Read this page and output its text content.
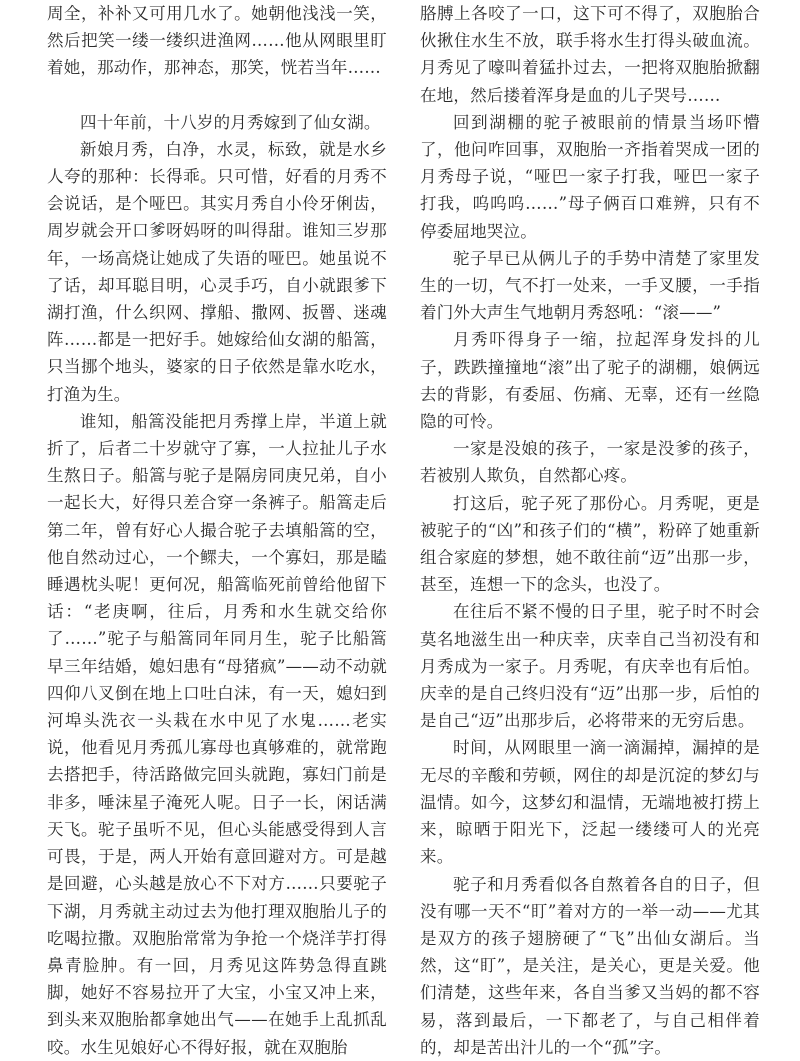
周全，补补又可用几水了。她朝他浅浅一笑，然后把笑一缕一缕织进渔网……他从网眼里盯着她，那动作，那神态，那笑，恍若当年……

四十年前，十八岁的月秀嫁到了仙女湖。

新娘月秀，白净，水灵，标致，就是水乡人夸的那种：长得乖。只可惜，好看的月秀不会说话，是个哑巴。其实月秀自小伶牙俐齿，周岁就会开口爹呀妈呀的叫得甜。谁知三岁那年，一场高烧让她成了失语的哑巴。她虽说不了话，却耳聪目明，心灵手巧，自小就跟爹下湖打渔，什么织网、撑船、撒网、扳罾、迷魂阵……都是一把好手。她嫁给仙女湖的船篙，只当挪个地头，婆家的日子依然是靠水吃水，打渔为生。

谁知，船篙没能把月秀撑上岸，半道上就折了，后者二十岁就守了寡，一人拉扯儿子水生熬日子。船篙与驼子是隔房同庚兄弟，自小一起长大，好得只差合穿一条裤子。船篙走后第二年，曾有好心人撮合驼子去填船篙的空，他自然动过心，一个鳏夫，一个寡妇，那是瞌睡遇枕头呢！更何况，船篙临死前曾给他留下话：“老庚啊，往后，月秀和水生就交给你了……”驼子与船篙同年同月生，驼子比船篙早三年结婚，媳妇患有“母猪疯”——动不动就四仰八叉倒在地上口吐白沫，有一天，媳妇到河埠头洗衣一头栽在水中见了水鬼……老实说，他看见月秀孤儿寡母也真够难的，就常跑去搭把手，待活路做完回头就跑，寡妇门前是非多，唾沫星子淹死人呢。日子一长，闲话满天飞。驼子虽听不见，但心头能感受得到人言可畏，于是，两人开始有意回避对方。可是越是回避，心头越是放心不下对方……只要驼子下湖，月秀就主动过去为他打理双胞胎儿子的吃喝拉撒。双胞胎常常为争抢一个烧洋芋打得鼻青脸肿。有一回，月秀见这阵势急得直跳脚，她好不容易拉开了大宝，小宝又冲上来，到头来双胞胎都拿她出气——在她手上乱抓乱咬。水生见娘好心不得好报，就在双胞胎

胳膊上各咬了一口，这下可不得了，双胞胎合伙揪住水生不放，联手将水生打得头破血流。月秀见了嚎叫着猛扑过去，一把将双胞胎掀翻在地，然后搂着浑身是血的儿子哭号……

回到湖棚的驼子被眼前的情景当场吓懵了，他问咋回事，双胞胎一齐指着哭成一团的月秀母子说，“哑巴一家子打我，哑巴一家子打我，呜呜呜……”母子俩百口难辨，只有不停委屈地哭泣。

驼子早已从俩儿子的手势中清楚了家里发生的一切，气不打一处来，一手叉腰，一手指着门外大声生气地朝月秀怒吼：“滚——”

月秀吓得身子一缩，拉起浑身发抖的儿子，跌跌撞撞地“滚”出了驼子的湖棚，娘俩远去的背影，有委屈、伤痛、无辜，还有一丝隐隐的可怜。

一家是没娘的孩子，一家是没爹的孩子，若被别人欺负，自然都心疼。

打这后，驼子死了那份心。月秀呢，更是被驼子的“凶”和孩子们的“横”，粉碎了她重新组合家庭的梦想，她不敢往前“迈”出那一步，甚至，连想一下的念头，也没了。

在往后不紧不慢的日子里，驼子时不时会莫名地滋生出一种庆幸，庆幸自己当初没有和月秀成为一家子。月秀呢，有庆幸也有后怕。庆幸的是自己终归没有“迈”出那一步，后怕的是自己“迈”出那步后，必将带来的无穷后患。

时间，从网眼里一滴一滴漏掉，漏掉的是无尽的辛酸和劳顿，网住的却是沉淀的梦幻与温情。如今，这梦幻和温情，无端地被打捞上来，晾晒于阳光下，泛起一缕缕可人的光亮来。

驼子和月秀看似各自熬着各自的日子，但没有哪一天不“盯”着对方的一举一动——尤其是双方的孩子翅膀硬了“飞”出仙女湖后。当然，这“盯”，是关注，是关心，更是关爱。他们清楚，这些年来，各自当爹又当妈的都不容易，落到最后，一下都老了，与自己相伴着的，却是苦出汁儿的一个“孤”字。
